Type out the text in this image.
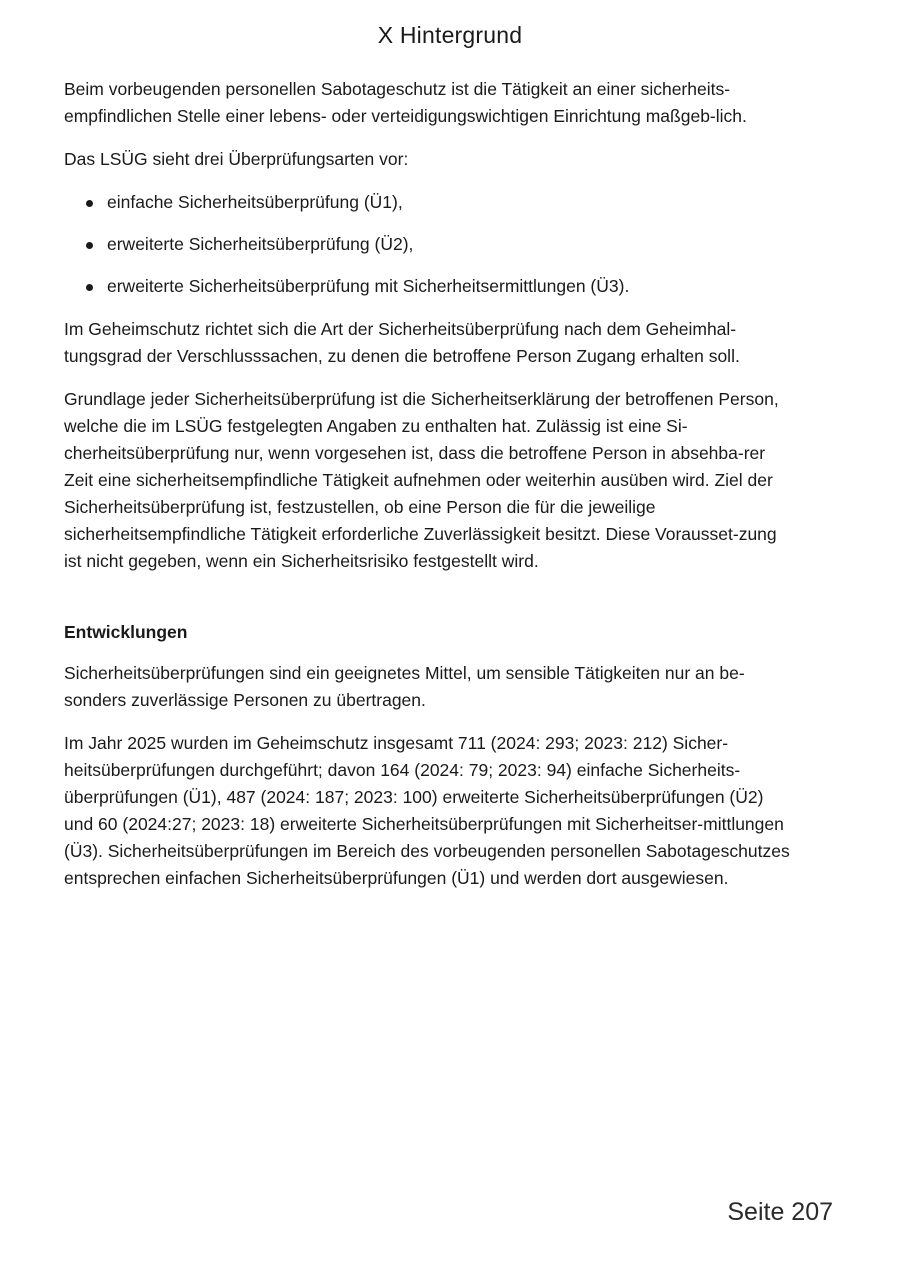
X Hintergrund

Beim vorbeugenden personellen Sabotageschutz ist die Tätigkeit an einer sicherheits-empfindlichen Stelle einer lebens- oder verteidigungswichtigen Einrichtung maßgeb-lich.

Das LSÜG sieht drei Überprüfungsarten vor:

einfache Sicherheitsüberprüfung (Ü1),
erweiterte Sicherheitsüberprüfung (Ü2),
erweiterte Sicherheitsüberprüfung mit Sicherheitsermittlungen (Ü3).

Im Geheimschutz richtet sich die Art der Sicherheitsüberprüfung nach dem Geheimhal-tungsgrad der Verschlusssachen, zu denen die betroffene Person Zugang erhalten soll.

Grundlage jeder Sicherheitsüberprüfung ist die Sicherheitserklärung der betroffenen Person, welche die im LSÜG festgelegten Angaben zu enthalten hat. Zulässig ist eine Si-cherheitsüberprüfung nur, wenn vorgesehen ist, dass die betroffene Person in absehba-rer Zeit eine sicherheitsempfindliche Tätigkeit aufnehmen oder weiterhin ausüben wird. Ziel der Sicherheitsüberprüfung ist, festzustellen, ob eine Person die für die jeweilige sicherheitsempfindliche Tätigkeit erforderliche Zuverlässigkeit besitzt. Diese Vorausset-zung ist nicht gegeben, wenn ein Sicherheitsrisiko festgestellt wird.

Entwicklungen

Sicherheitsüberprüfungen sind ein geeignetes Mittel, um sensible Tätigkeiten nur an be-sonders zuverlässige Personen zu übertragen.

Im Jahr 2025 wurden im Geheimschutz insgesamt 711 (2024: 293; 2023: 212) Sicher-heitsüberprüfungen durchgeführt; davon 164 (2024: 79; 2023: 94) einfache Sicherheits-überprüfungen (Ü1), 487 (2024: 187; 2023: 100) erweiterte Sicherheitsüberprüfungen (Ü2) und 60 (2024:27; 2023: 18) erweiterte Sicherheitsüberprüfungen mit Sicherheitser-mittlungen (Ü3). Sicherheitsüberprüfungen im Bereich des vorbeugenden personellen Sabotageschutzes entsprechen einfachen Sicherheitsüberprüfungen (Ü1) und werden dort ausgewiesen.

Seite 207
